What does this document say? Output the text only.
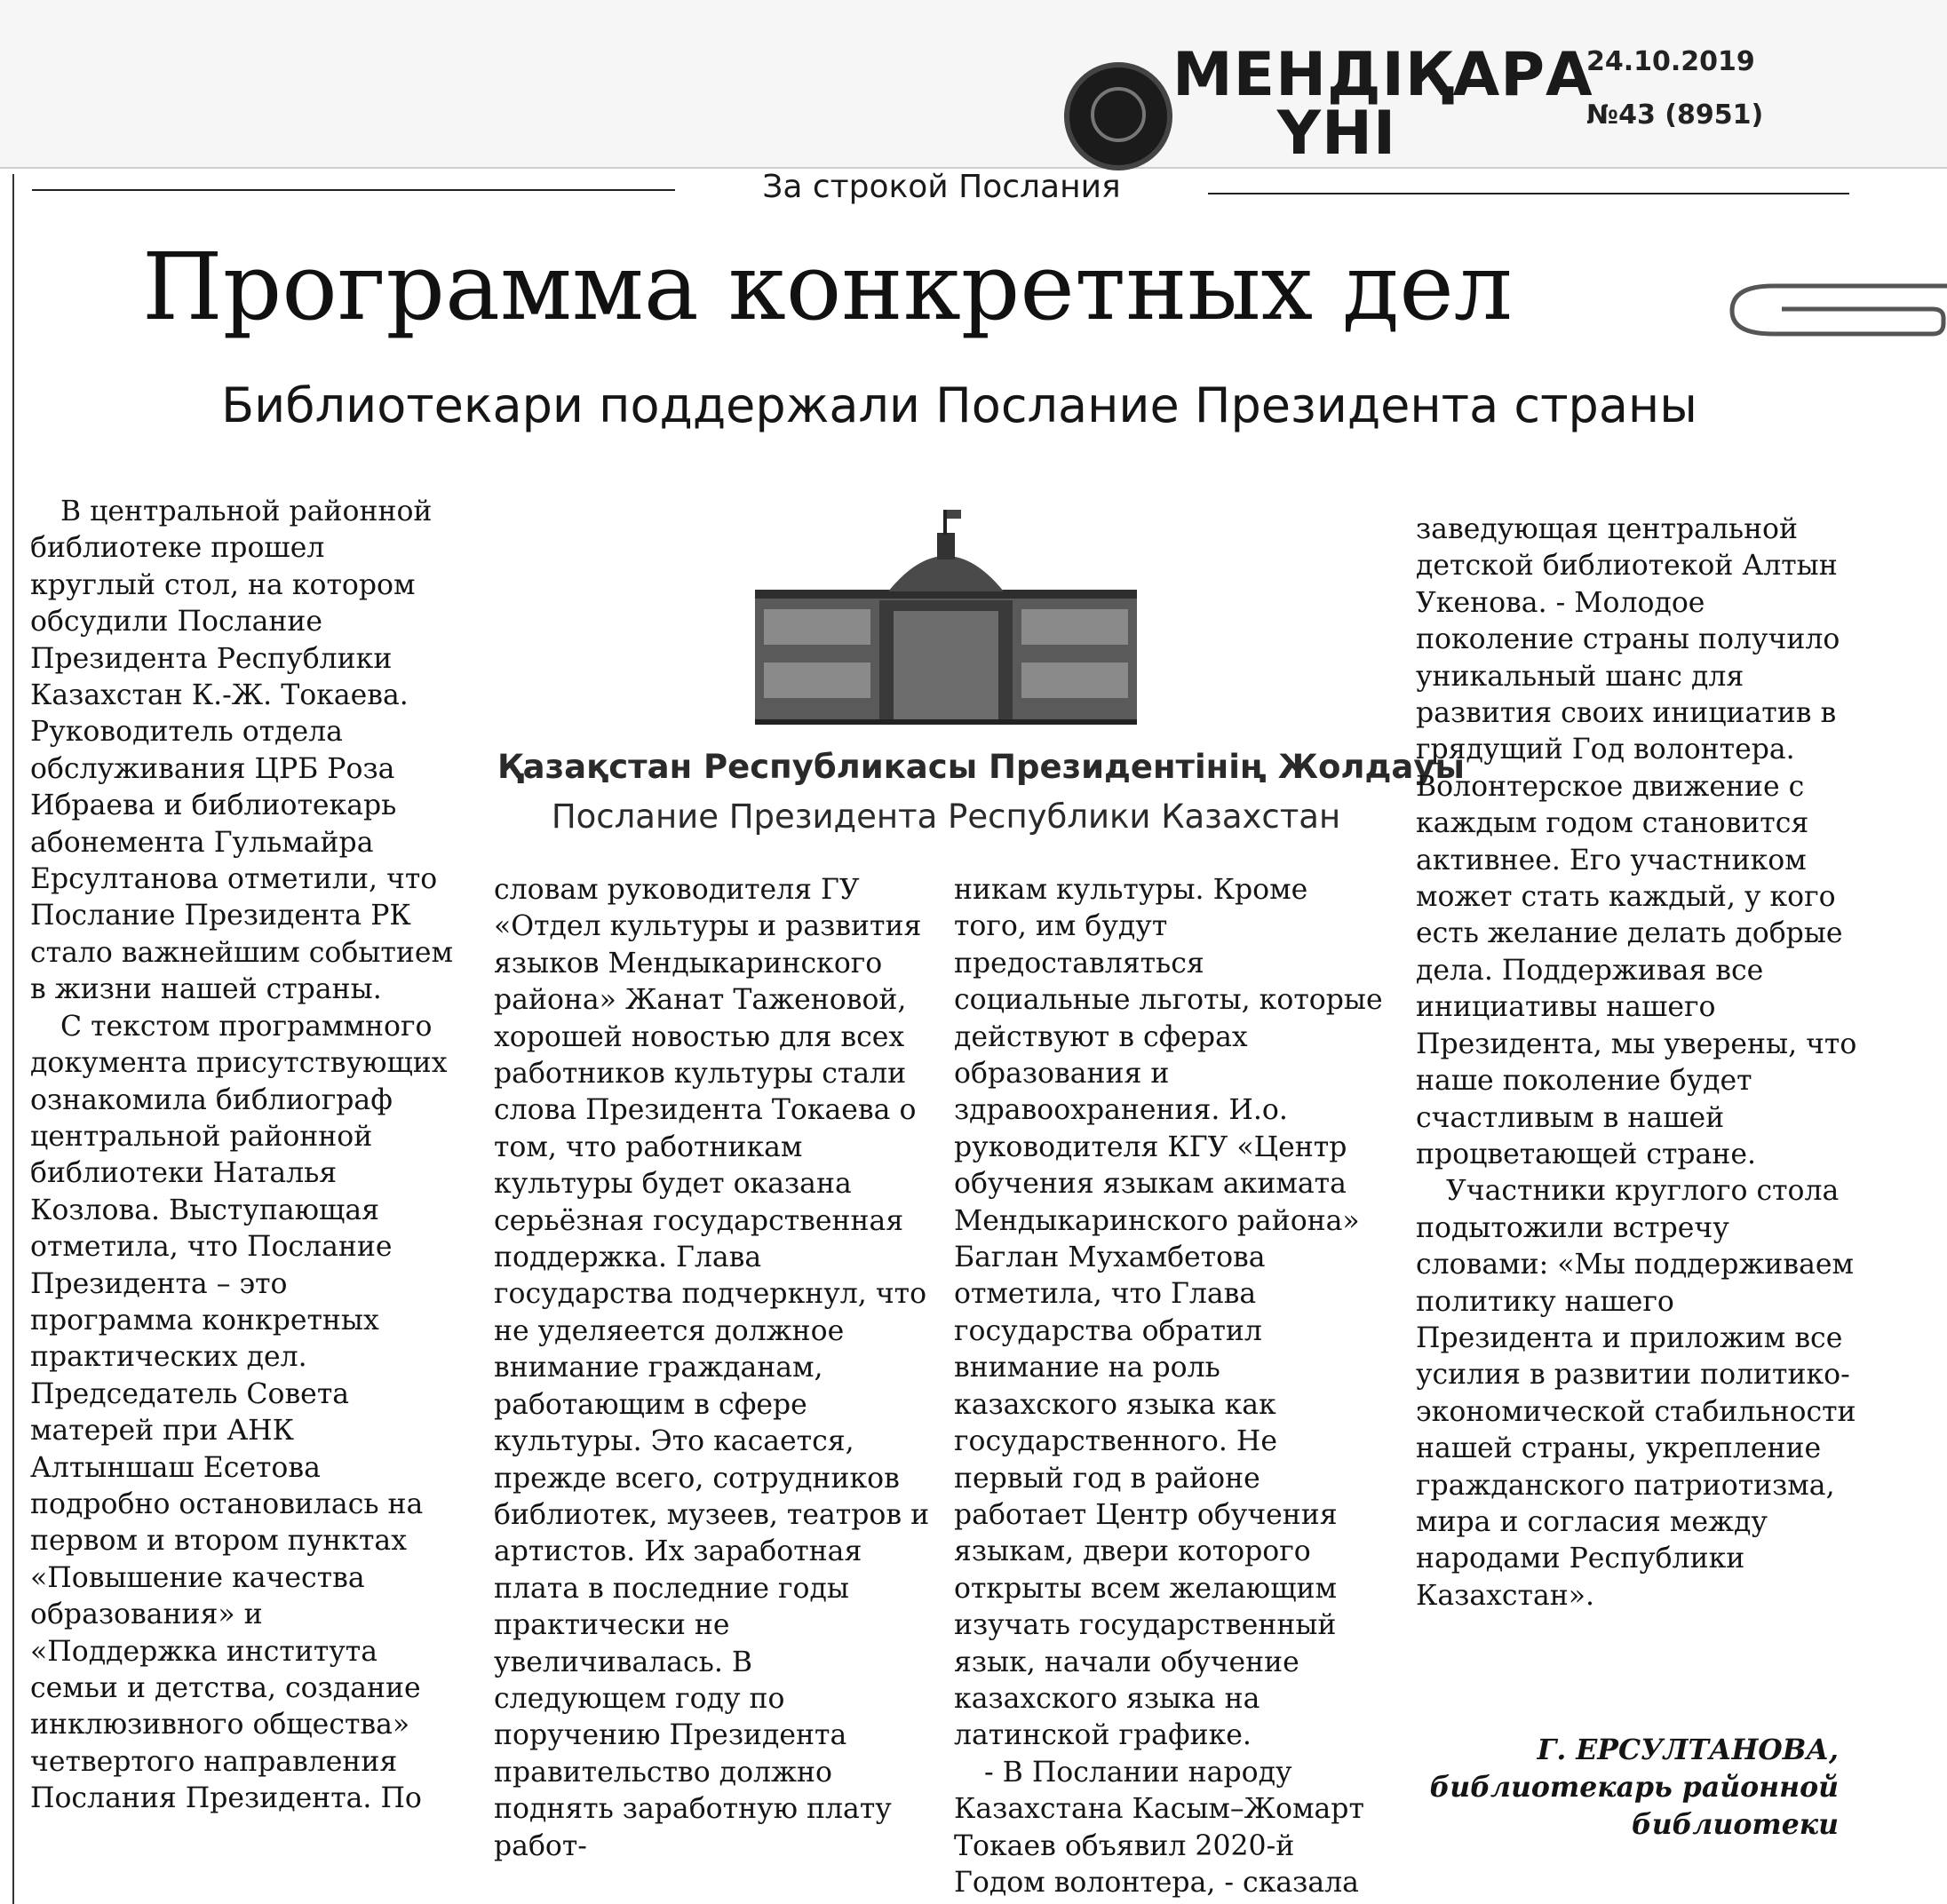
МЕНДІҚАРА
ҮНІ
24.10.2019
№43 (8951)
За строкой Послания
Программа конкретных дел
Библиотекари поддержали Послание Президента страны

В центральной районной библиотеке прошел круглый стол, на котором обсудили Послание Президента Республики Казахстан К.-Ж. Токаева. Руководитель отдела обслуживания ЦРБ Роза Ибраева и библиотекарь абонемента Гульмайра Ерсултанова отметили, что Послание Президента РК стало важнейшим событием в жизни нашей страны.

С текстом программного документа присутствующих ознакомила библиограф центральной районной библиотеки Наталья Козлова. Выступающая отметила, что Послание Президента – это программа конкретных практических дел. Председатель Совета матерей при АНК Алтыншаш Есетова подробно остановилась на первом и втором пунктах «Повышение качества образования» и «Поддержка института семьи и детства, создание инклюзивного общества» четвертого направления Послания Президента. По

Қазақстан Республикасы Президентінің Жолдауы
Послание Президента Республики Казахстан

словам руководителя ГУ «Отдел культуры и развития языков Мендыкаринского района» Жанат Таженовой, хорошей новостью для всех работников культуры стали слова Президента Токаева о том, что работникам культуры будет оказана серьёзная государственная поддержка. Глава государства подчеркнул, что не уделяеется должное внимание гражданам, работающим в сфере культуры. Это касается, прежде всего, сотрудников библиотек, музеев, театров и артистов. Их заработная плата в последние годы практически не увеличивалась. В следующем году по поручению Президента правительство должно поднять заработную плату работ-

никам культуры. Кроме того, им будут предоставляться социальные льготы, которые действуют в сферах образования и здравоохранения. И.о. руководителя КГУ «Центр обучения языкам акимата Мендыкаринского района» Баглан Мухамбетова отметила, что Глава государства обратил внимание на роль казахского языка как государственного. Не первый год в районе работает Центр обучения языкам, двери которого открыты всем желающим изучать государственный язык, начали обучение казахского языка на латинской графике.

- В Послании народу Казахстана Касым–Жомарт Токаев объявил 2020-й Годом волонтера, - сказала

заведующая центральной детской библиотекой Алтын Укенова. - Молодое поколение страны получило уникальный шанс для развития своих инициатив в грядущий Год волонтера. Волонтерское движение с каждым годом становится активнее. Его участником может стать каждый, у кого есть желание делать добрые дела. Поддерживая все инициативы нашего Президента, мы уверены, что наше поколение будет счастливым в нашей процветающей стране.

Участники круглого стола подытожили встречу словами: «Мы поддерживаем политику нашего Президента и приложим все усилия в развитии политико-экономической стабильности нашей страны, укрепление гражданского патриотизма, мира и согласия между народами Республики Казахстан».

Г. ЕРСУЛТАНОВА,
библиотекарь районной
библиотеки
